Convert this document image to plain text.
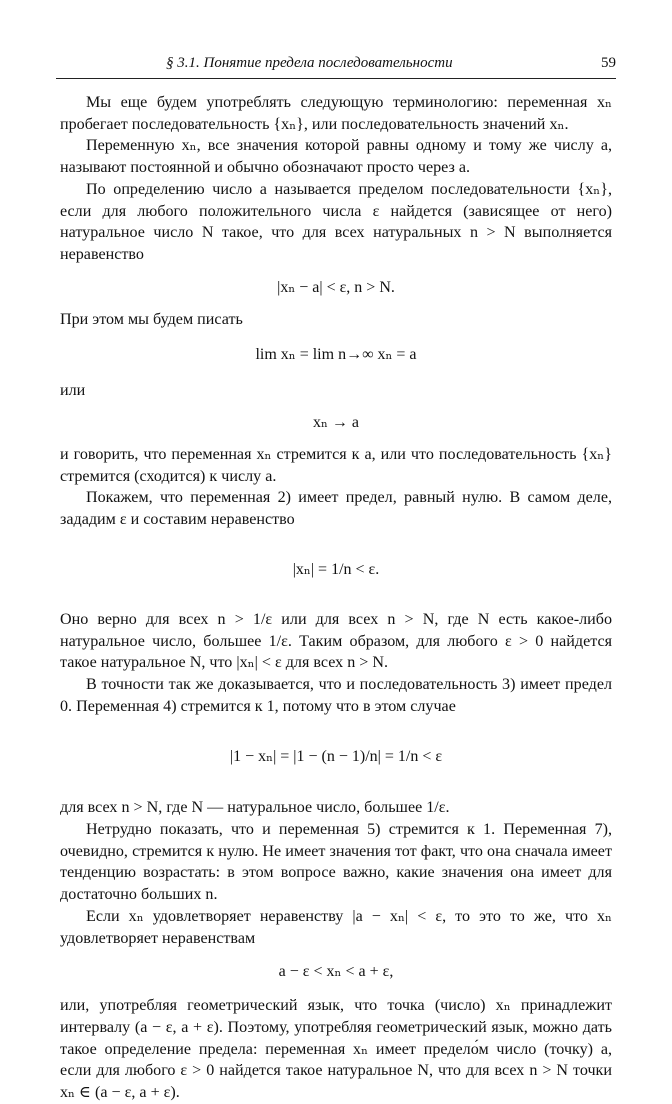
§ 3.1. Понятие предела последовательности	59

Мы еще будем употреблять следующую терминологию: переменная xₙ пробегает последовательность {xₙ}, или последовательность значений xₙ.

Переменную xₙ, все значения которой равны одному и тому же числу a, называют постоянной и обычно обозначают просто через a.

По определению число a называется пределом последовательности {xₙ}, если для любого положительного числа ε найдется (зависящее от него) натуральное число N такое, что для всех натуральных n > N выполняется неравенство

|xₙ − a| < ε, n > N.

При этом мы будем писать

lim xₙ = lim n→∞ xₙ = a

или

xₙ → a

и говорить, что переменная xₙ стремится к a, или что последовательность {xₙ} стремится (сходится) к числу a.

Покажем, что переменная 2) имеет предел, равный нулю. В самом деле, зададим ε и составим неравенство

|xₙ| = 1/n < ε.

Оно верно для всех n > 1/ε или для всех n > N, где N есть какое-либо натуральное число, большее 1/ε. Таким образом, для любого ε > 0 найдется такое натуральное N, что |xₙ| < ε для всех n > N.

В точности так же доказывается, что и последовательность 3) имеет предел 0. Переменная 4) стремится к 1, потому что в этом случае

|1 − xₙ| = |1 − (n − 1)/n| = 1/n < ε

для всех n > N, где N — натуральное число, большее 1/ε.

Нетрудно показать, что и переменная 5) стремится к 1. Переменная 7), очевидно, стремится к нулю. Не имеет значения тот факт, что она сначала имеет тенденцию возрастать: в этом вопросе важно, какие значения она имеет для достаточно больших n.

Если xₙ удовлетворяет неравенству |a − xₙ| < ε, то это то же, что xₙ удовлетворяет неравенствам

a − ε < xₙ < a + ε,

или, употребляя геометрический язык, что точка (число) xₙ принадлежит интервалу (a − ε, a + ε). Поэтому, употребляя геометрический язык, можно дать такое определение предела: переменная xₙ имеет предело́м число (точку) a, если для любого ε > 0 найдется такое натуральное N, что для всех n > N точки xₙ ∈ (a − ε, a + ε).
